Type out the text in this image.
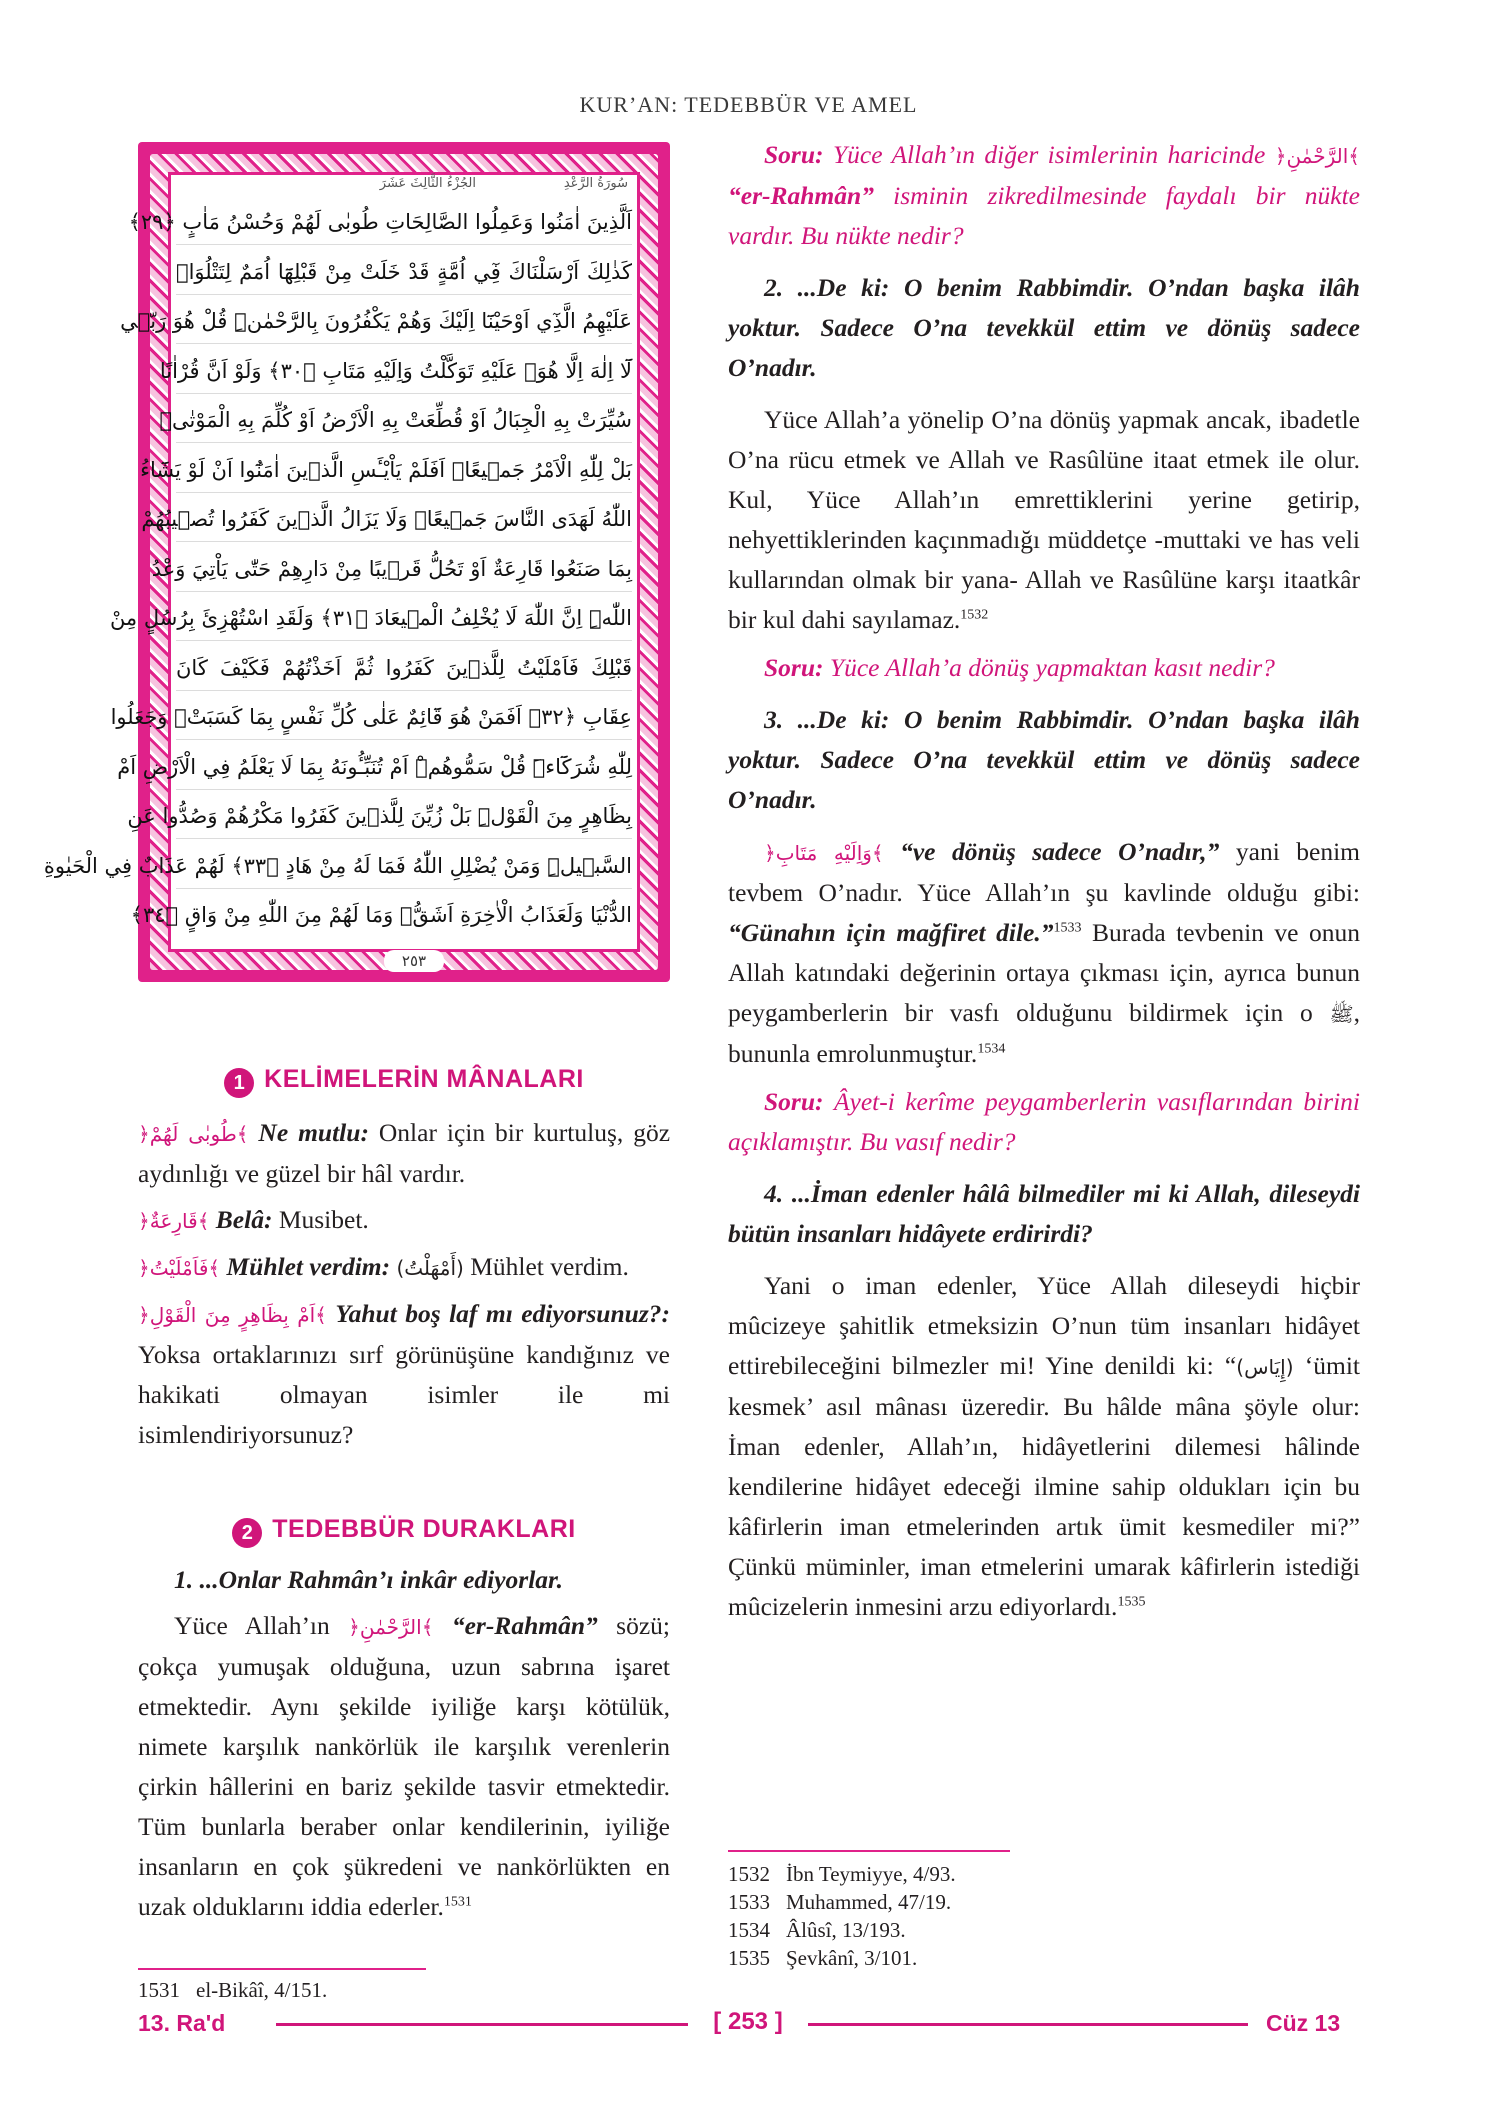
KUR’AN: TEDEBBÜR VE AMEL
سُورَةُ الرَّعْدِ
الجُزْءُ الثَّالِثَ عَشَرَ
اَلَّذِينَ اٰمَنُوا وَعَمِلُوا الصَّالِحَاتِ طُوبٰى لَهُمْ وَحُسْنُ مَاٰبٍ ﴿٢٩﴾
كَذٰلِكَ اَرْسَلْنَاكَ فِٓي اُمَّةٍ قَدْ خَلَتْ مِنْ قَبْلِهَٓا اُمَمٌ لِتَتْلُوَا۬
عَلَيْهِمُ الَّذِٓي اَوْحَيْنَٓا اِلَيْكَ وَهُمْ يَكْفُرُونَ بِالرَّحْمٰنِۜ قُلْ هُوَ رَبّ۪ي
لَٓا اِلٰهَ اِلَّا هُوَۚ عَلَيْهِ تَوَكَّلْتُ وَاِلَيْهِ مَتَابِ ﴿٣٠﴾ وَلَوْ اَنَّ قُرْاٰنًا
سُيِّرَتْ بِهِ الْجِبَالُ اَوْ قُطِّعَتْ بِهِ الْاَرْضُ اَوْ كُلِّمَ بِهِ الْمَوْتٰىۜ
بَلْ لِلّٰهِ الْاَمْرُ جَم۪يعًاۜ اَفَلَمْ يَاْيْـَٔسِ الَّذ۪ينَ اٰمَنُٓوا اَنْ لَوْ يَشَٓاءُ
اللّٰهُ لَهَدَى النَّاسَ جَم۪يعًاۜ وَلَا يَزَالُ الَّذ۪ينَ كَفَرُوا تُص۪يبُهُمْ
بِمَا صَنَعُوا قَارِعَةٌ اَوْ تَحُلُّ قَر۪يبًا مِنْ دَارِهِمْ حَتّٰى يَاْتِيَ وَعْدُ
اللّٰهِۜ اِنَّ اللّٰهَ لَا يُخْلِفُ الْم۪يعَادَ ﴿٣١﴾ وَلَقَدِ اسْتُهْزِئَ بِرُسُلٍ مِنْ
قَبْلِكَ فَاَمْلَيْتُ لِلَّذ۪ينَ كَفَرُوا ثُمَّ اَخَذْتُهُمْ فَكَيْفَ كَانَ
عِقَابِ ﴿٣٢﴾ اَفَمَنْ هُوَ قَٓائِمٌ عَلٰى كُلِّ نَفْسٍ بِمَا كَسَبَتْۚ وَجَعَلُوا
لِلّٰهِ شُرَكَٓاءَۜ قُلْ سَمُّوهُمْۜ اَمْ تُنَبِّـُٔونَهُ بِمَا لَا يَعْلَمُ فِي الْاَرْضِ اَمْ
بِظَاهِرٍ مِنَ الْقَوْلِۜ بَلْ زُيِّنَ لِلَّذ۪ينَ كَفَرُوا مَكْرُهُمْ وَصُدُّوا عَنِ
السَّب۪يلِۜ وَمَنْ يُضْلِلِ اللّٰهُ فَمَا لَهُ مِنْ هَادٍ ﴿٣٣﴾ لَهُمْ عَذَابٌ فِي الْحَيٰوةِ
الدُّنْيَا وَلَعَذَابُ الْاٰخِرَةِ اَشَقُّۚ وَمَا لَهُمْ مِنَ اللّٰهِ مِنْ وَاقٍ ﴿٣٤﴾
٢٥٣
1 KELİMELERİN MÂNALARI

﴿طُوبٰى لَهُمْ﴾ Ne mutlu: Onlar için bir kurtuluş, göz aydınlığı ve güzel bir hâl vardır.

﴿قَارِعَةٌ﴾ Belâ: Musibet.

﴿فَاَمْلَيْتُ﴾ Mühlet verdim: (أَمْهَلْتُ) Mühlet verdim.

﴿اَمْ بِظَاهِرٍ مِنَ الْقَوْلِ﴾ Yahut boş laf mı ediyorsunuz?: Yoksa ortaklarınızı sırf görünüşüne kandığınız ve hakikati olmayan isimler ile mi isimlendiriyorsunuz?

2 TEDEBBÜR DURAKLARI

1. ...Onlar Rahmân’ı inkâr ediyorlar.

Yüce Allah’ın ﴿الرَّحْمٰنِ﴾ “er-Rahmân” sözü; çokça yumuşak olduğuna, uzun sabrına işaret etmektedir. Aynı şekilde iyiliğe karşı kötülük, nimete karşılık nankörlük ile karşılık verenlerin çirkin hâllerini en bariz şekilde tasvir etmektedir. Tüm bunlarla beraber onlar kendilerinin, iyiliğe insanların en çok şükredeni ve nankörlükten en uzak olduklarını iddia ederler.$^{1531}$

1531 el-Bikâî, 4/151.

Soru: Yüce Allah’ın diğer isimlerinin haricinde ﴿الرَّحْمٰنِ﴾ “er-Rahmân” isminin zikredilmesinde faydalı bir nükte vardır. Bu nükte nedir?

2. ...De ki: O benim Rabbimdir. O’ndan başka ilâh yoktur. Sadece O’na tevekkül ettim ve dönüş sadece O’nadır.

Yüce Allah’a yönelip O’na dönüş yapmak ancak, ibadetle O’na rücu etmek ve Allah ve Rasûlüne itaat etmek ile olur. Kul, Yüce Allah’ın emrettiklerini yerine getirip, nehyettiklerinden kaçınmadığı müddetçe -muttaki ve has veli kullarından olmak bir yana- Allah ve Rasûlüne karşı itaatkâr bir kul dahi sayılamaz.$^{1532}$

Soru: Yüce Allah’a dönüş yapmaktan kasıt nedir?

3. ...De ki: O benim Rabbimdir. O’ndan başka ilâh yoktur. Sadece O’na tevekkül ettim ve dönüş sadece O’nadır.

﴿وَاِلَيْهِ مَتَابِ﴾ “ve dönüş sadece O’nadır,” yani benim tevbem O’nadır. Yüce Allah’ın şu kavlinde olduğu gibi: “Günahın için mağfiret dile.”$^{1533}$ Burada tevbenin ve onun Allah katındaki değerinin ortaya çıkması için, ayrıca bunun peygamberlerin bir vasfı olduğunu bildirmek için o ﷺ, bununla emrolunmuştur.$^{1534}$

Soru: Âyet-i kerîme peygamberlerin vasıflarından birini açıklamıştır. Bu vasıf nedir?

4. ...İman edenler hâlâ bilmediler mi ki Allah, dileseydi bütün insanları hidâyete erdirirdi?

Yani o iman edenler, Yüce Allah dileseydi hiçbir mûcizeye şahitlik etmeksizin O’nun tüm insanları hidâyet ettirebileceğini bilmezler mi! Yine denildi ki: “(إِيَاس) ‘ümit kesmek’ asıl mânası üzeredir. Bu hâlde mâna şöyle olur: İman edenler, Allah’ın, hidâyetlerini dilemesi hâlinde kendilerine hidâyet edeceği ilmine sahip oldukları için bu kâfirlerin iman etmelerinden artık ümit kesmediler mi?” Çünkü müminler, iman etmelerini umarak kâfirlerin istediği mûcizelerin inmesini arzu ediyorlardı.$^{1535}$

1532 İbn Teymiyye, 4/93.
1533 Muhammed, 47/19.
1534 Âlûsî, 13/193.
1535 Şevkânî, 3/101.
13. Ra'd	[ 253 ]	Cüz 13
